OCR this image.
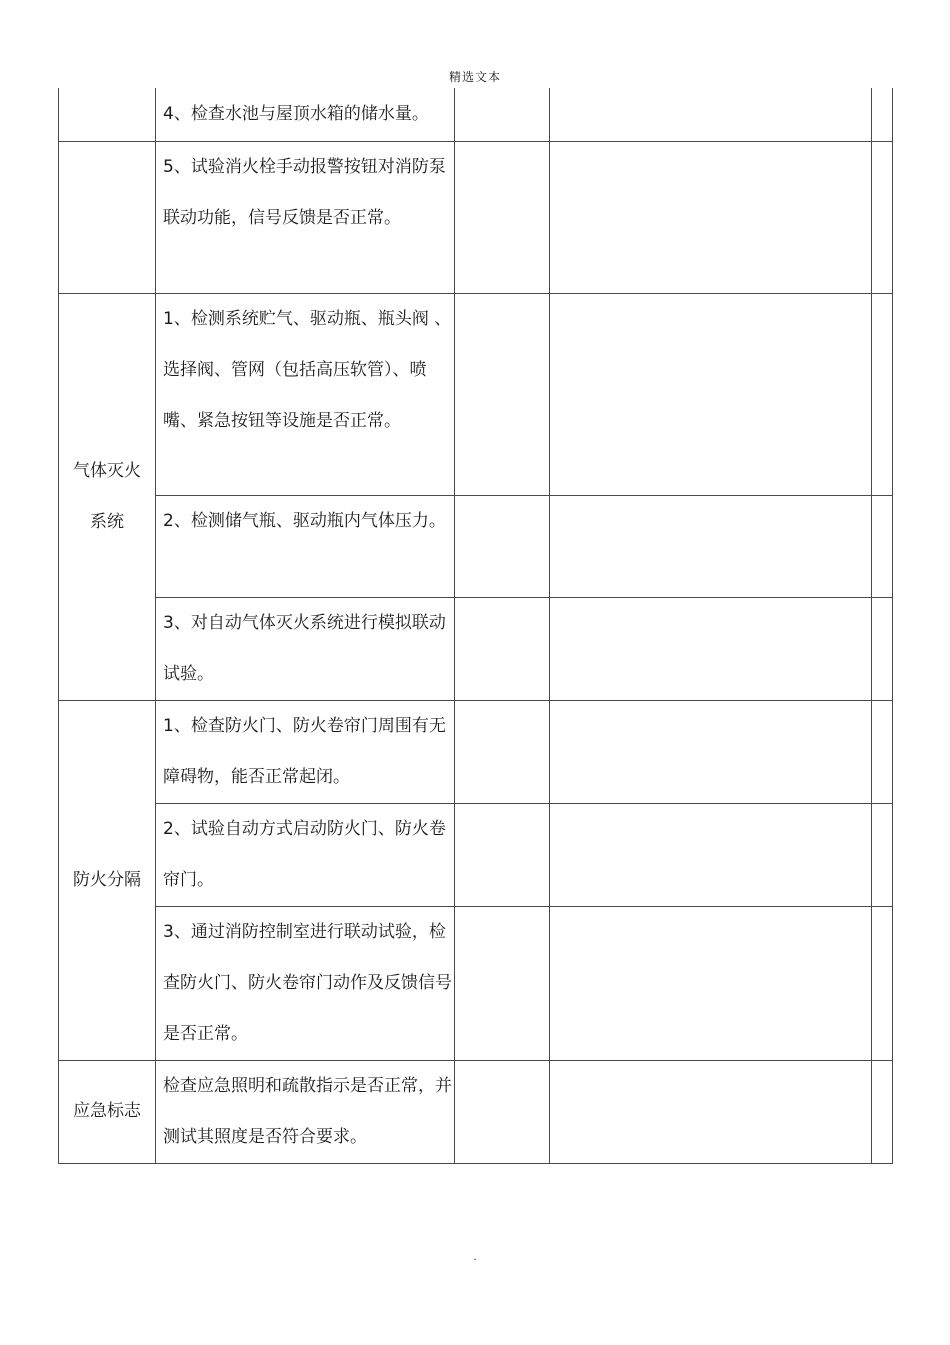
精选文本

	4、检查水池与屋顶水箱的储水量。			

	5、试验消火栓手动报警按钮对消防泵联动功能，信号反馈是否正常。			

气体灭火系统	1、检测系统贮气、驱动瓶、瓶头阀 、选择阀、管网（包括高压软管）、喷嘴、紧急按钮等设施是否正常。			

	2、检测储气瓶、驱动瓶内气体压力。			

	3、对自动气体灭火系统进行模拟联动试验。			

防火分隔	1、检查防火门、防火卷帘门周围有无障碍物，能否正常起闭。			

	2、试验自动方式启动防火门、防火卷帘门。			

	3、通过消防控制室进行联动试验，检查防火门、防火卷帘门动作及反馈信号是否正常。			

应急标志	检查应急照明和疏散指示是否正常，并测试其照度是否符合要求。			

.
